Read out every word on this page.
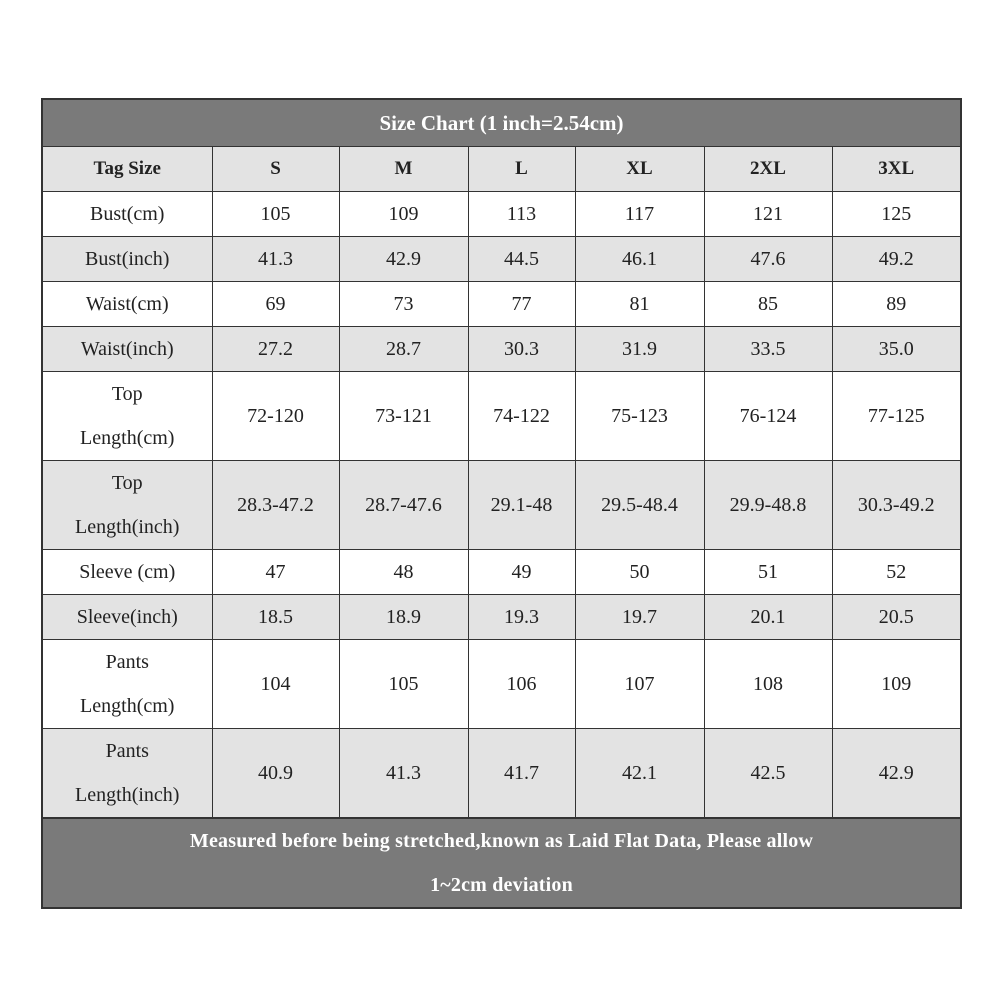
Size Chart (1 inch=2.54cm)
Tag Size	S	M	L	XL	2XL	3XL

Bust(cm)	105	109	113	117	121	125

Bust(inch)	41.3	42.9	44.5	46.1	47.6	49.2

Waist(cm)	69	73	77	81	85	89

Waist(inch)	27.2	28.7	30.3	31.9	33.5	35.0

Top
Length(cm)	72-120	73-121	74-122	75-123	76-124	77-125

Top
Length(inch)	28.3-47.2	28.7-47.6	29.1-48	29.5-48.4	29.9-48.8	30.3-49.2

Sleeve (cm)	47	48	49	50	51	52

Sleeve(inch)	18.5	18.9	19.3	19.7	20.1	20.5

Pants
Length(cm)	104	105	106	107	108	109

Pants
Length(inch)	40.9	41.3	41.7	42.1	42.5	42.9
Measured before being stretched,known as Laid Flat Data, Please allow
1~2cm deviation
